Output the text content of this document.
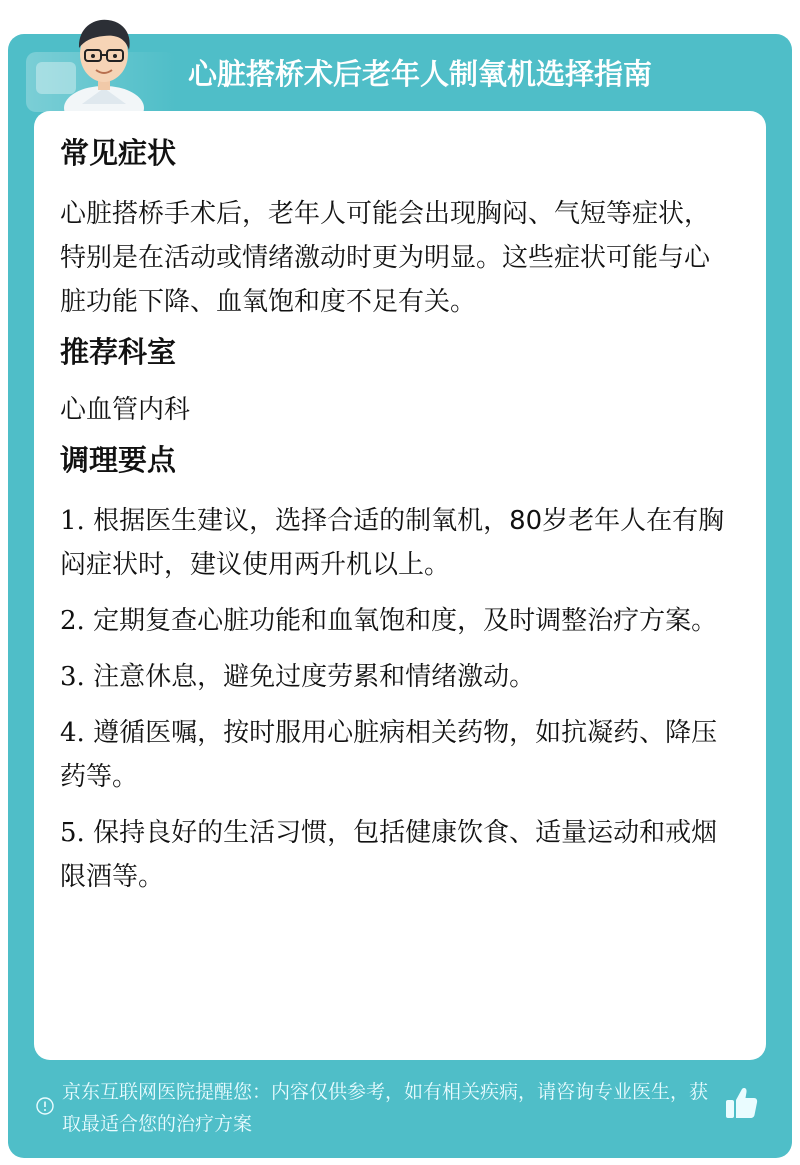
心脏搭桥术后老年人制氧机选择指南
常见症状

心脏搭桥手术后，老年人可能会出现胸闷、气短等症状，特别是在活动或情绪激动时更为明显。这些症状可能与心脏功能下降、血氧饱和度不足有关。

推荐科室

心血管内科

调理要点

1. 根据医生建议，选择合适的制氧机，80岁老年人在有胸闷症状时，建议使用两升机以上。

2. 定期复查心脏功能和血氧饱和度，及时调整治疗方案。

3. 注意休息，避免过度劳累和情绪激动。

4. 遵循医嘱，按时服用心脏病相关药物，如抗凝药、降压药等。

5. 保持良好的生活习惯，包括健康饮食、适量运动和戒烟限酒等。

京东互联网医院提醒您：内容仅供参考，如有相关疾病，请咨询专业医生，获取最适合您的治疗方案
